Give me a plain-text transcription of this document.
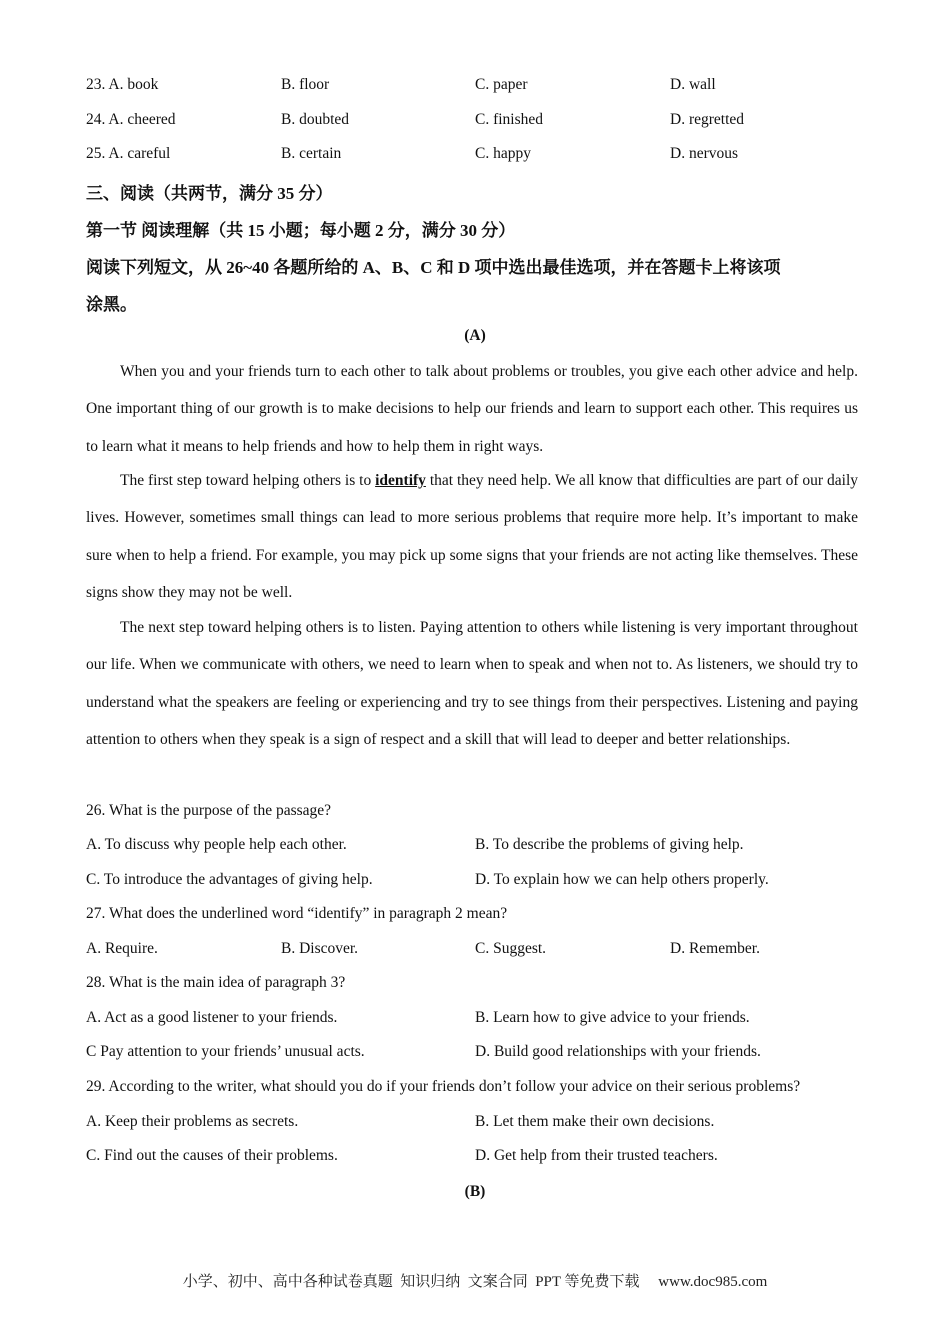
23. A. book	B. floor	C. paper	D. wall
24. A. cheered	B. doubted	C. finished	D. regretted
25. A. careful	B. certain	C. happy	D. nervous
三、阅读（共两节，满分 35 分）
第一节 阅读理解（共 15 小题；每小题 2 分，满分 30 分）
阅读下列短文，从 26~40 各题所给的 A、B、C 和 D 项中选出最佳选项，并在答题卡上将该项
涂黑。
(A)
When you and your friends turn to each other to talk about problems or troubles, you give each other advice and help. One important thing of our growth is to make decisions to help our friends and learn to support each other. This requires us to learn what it means to help friends and how to help them in right ways.
The first step toward helping others is to identify that they need help. We all know that difficulties are part of our daily lives. However, sometimes small things can lead to more serious problems that require more help. It’s important to make sure when to help a friend. For example, you may pick up some signs that your friends are not acting like themselves. These signs show they may not be well.
The next step toward helping others is to listen. Paying attention to others while listening is very important throughout our life. When we communicate with others, we need to learn when to speak and when not to. As listeners, we should try to understand what the speakers are feeling or experiencing and try to see things from their perspectives. Listening and paying attention to others when they speak is a sign of respect and a skill that will lead to deeper and better relationships.
26. What is the purpose of the passage?
A. To discuss why people help each other.	B. To describe the problems of giving help.
C. To introduce the advantages of giving help.	D. To explain how we can help others properly.
27. What does the underlined word “identify” in paragraph 2 mean?
A. Require.	B. Discover.	C. Suggest.	D. Remember.
28. What is the main idea of paragraph 3?
A. Act as a good listener to your friends.	B. Learn how to give advice to your friends.
C Pay attention to your friends’ unusual acts.	D. Build good relationships with your friends.
29. According to the writer, what should you do if your friends don’t follow your advice on their serious problems?
A. Keep their problems as secrets.	B. Let them make their own decisions.
C. Find out the causes of their problems.	D. Get help from their trusted teachers.
(B)
小学、初中、高中各种试卷真题  知识归纳  文案合同  PPT 等免费下载     www.doc985.com
